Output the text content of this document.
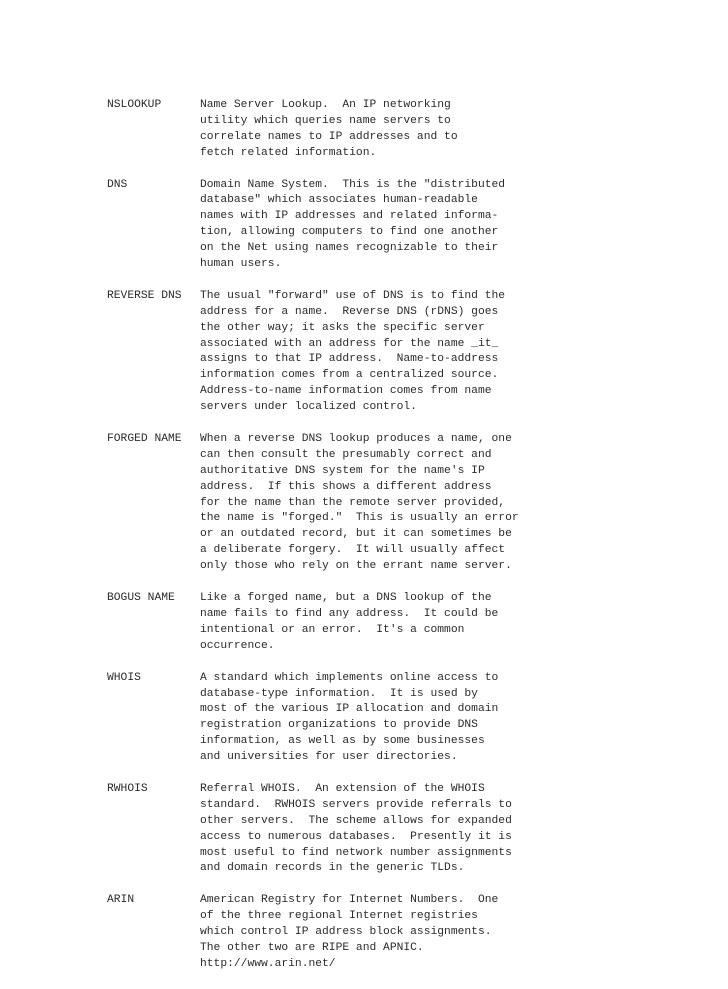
NSLOOKUP	Name Server Lookup.  An IP networking
utility which queries name servers to
correlate names to IP addresses and to
fetch related information.
DNS	Domain Name System.  This is the "distributed
database" which associates human-readable
names with IP addresses and related informa-
tion, allowing computers to find one another
on the Net using names recognizable to their
human users.
REVERSE DNS	The usual "forward" use of DNS is to find the
address for a name.  Reverse DNS (rDNS) goes
the other way; it asks the specific server
associated with an address for the name _it_
assigns to that IP address.  Name-to-address
information comes from a centralized source.
Address-to-name information comes from name
servers under localized control.
FORGED NAME	When a reverse DNS lookup produces a name, one
can then consult the presumably correct and
authoritative DNS system for the name's IP
address.  If this shows a different address
for the name than the remote server provided,
the name is "forged."  This is usually an error
or an outdated record, but it can sometimes be
a deliberate forgery.  It will usually affect
only those who rely on the errant name server.
BOGUS NAME	Like a forged name, but a DNS lookup of the
name fails to find any address.  It could be
intentional or an error.  It's a common
occurrence.
WHOIS	A standard which implements online access to
database-type information.  It is used by
most of the various IP allocation and domain
registration organizations to provide DNS
information, as well as by some businesses
and universities for user directories.
RWHOIS	Referral WHOIS.  An extension of the WHOIS
standard.  RWHOIS servers provide referrals to
other servers.  The scheme allows for expanded
access to numerous databases.  Presently it is
most useful to find network number assignments
and domain records in the generic TLDs.
ARIN	American Registry for Internet Numbers.  One
of the three regional Internet registries
which control IP address block assignments.
The other two are RIPE and APNIC.
http://www.arin.net/
